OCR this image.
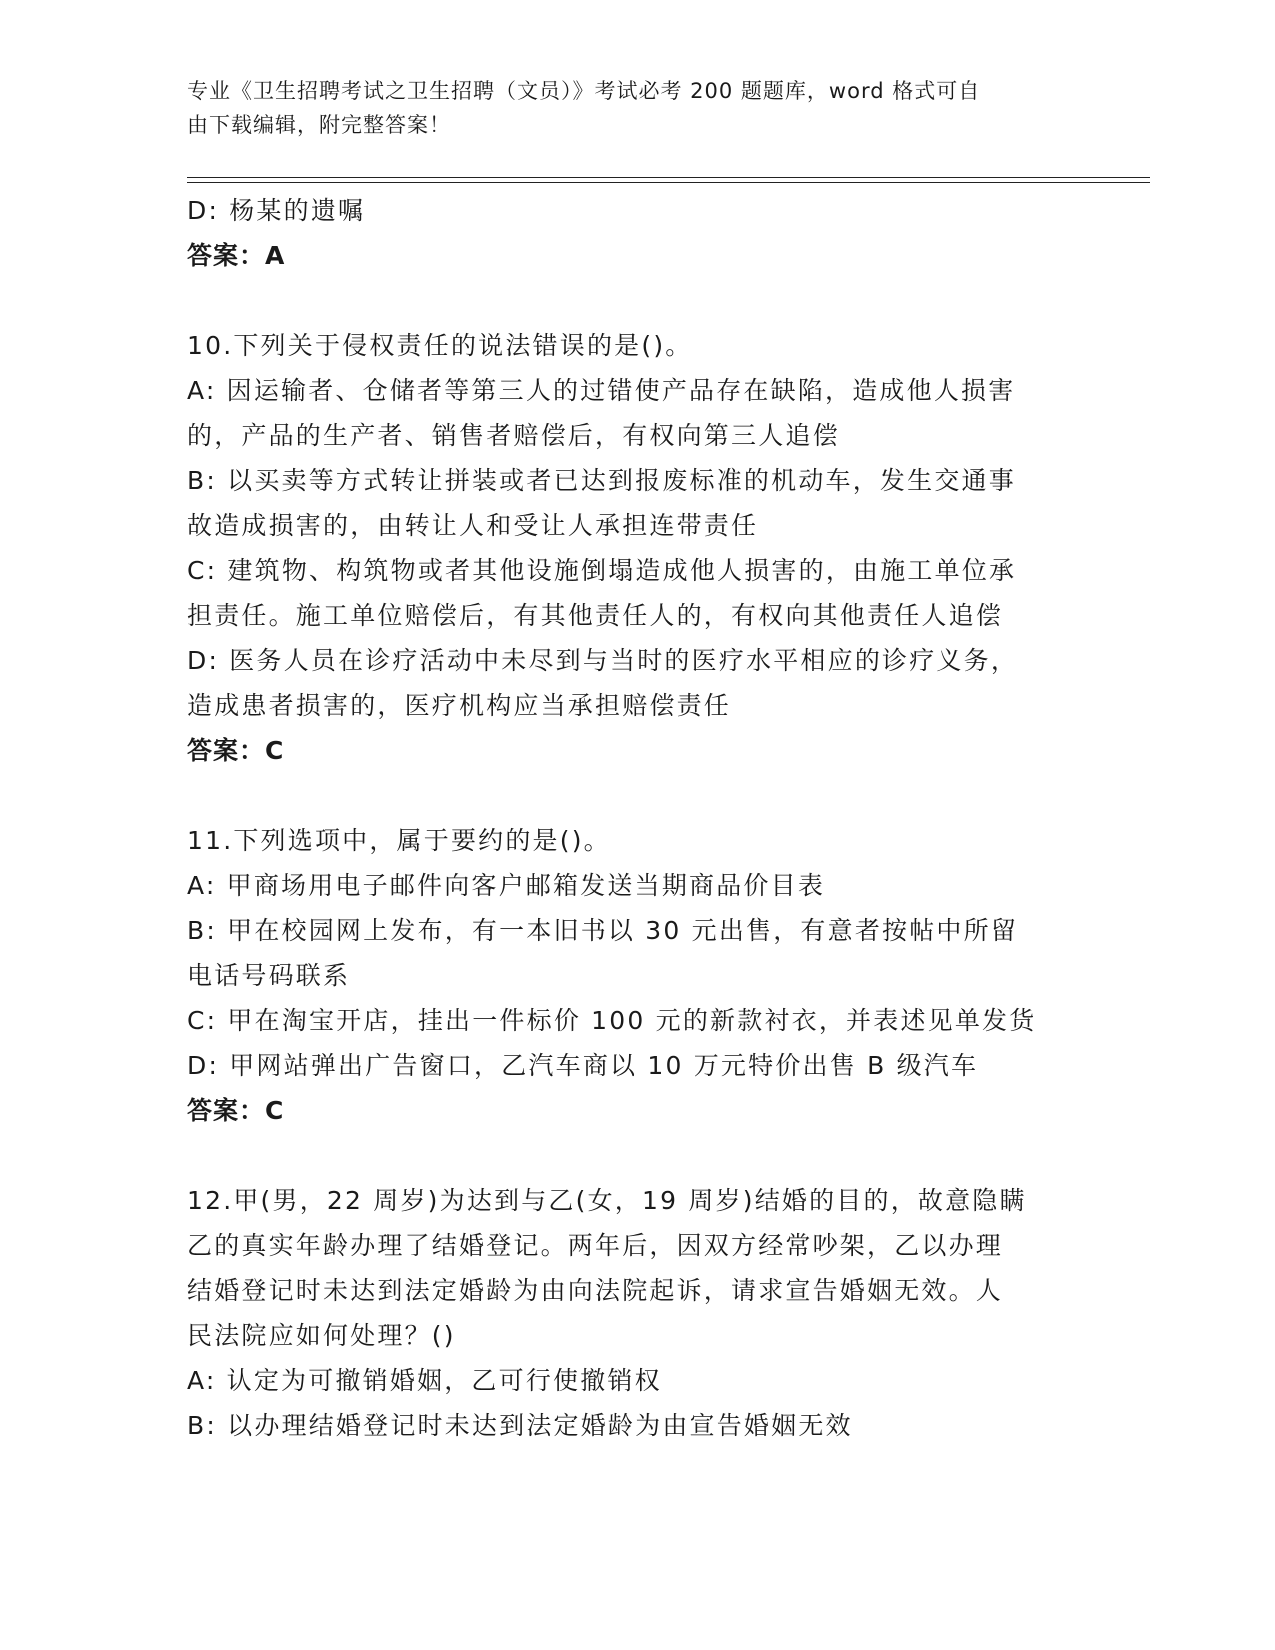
专业《卫生招聘考试之卫生招聘（文员）》考试必考 200 题题库，word 格式可自
由下载编辑，附完整答案！
D: 杨某的遗嘱
答案：A
10.下列关于侵权责任的说法错误的是()。
A: 因运输者、仓储者等第三人的过错使产品存在缺陷，造成他人损害
的，产品的生产者、销售者赔偿后，有权向第三人追偿
B: 以买卖等方式转让拼装或者已达到报废标准的机动车，发生交通事
故造成损害的，由转让人和受让人承担连带责任
C: 建筑物、构筑物或者其他设施倒塌造成他人损害的，由施工单位承
担责任。施工单位赔偿后，有其他责任人的，有权向其他责任人追偿
D: 医务人员在诊疗活动中未尽到与当时的医疗水平相应的诊疗义务，
造成患者损害的，医疗机构应当承担赔偿责任
答案：C
11.下列选项中，属于要约的是()。
A: 甲商场用电子邮件向客户邮箱发送当期商品价目表
B: 甲在校园网上发布，有一本旧书以 30 元出售，有意者按帖中所留
电话号码联系
C: 甲在淘宝开店，挂出一件标价 100 元的新款衬衣，并表述见单发货
D: 甲网站弹出广告窗口，乙汽车商以 10 万元特价出售 B 级汽车
答案：C
12.甲(男，22 周岁)为达到与乙(女，19 周岁)结婚的目的，故意隐瞒
乙的真实年龄办理了结婚登记。两年后，因双方经常吵架，乙以办理
结婚登记时未达到法定婚龄为由向法院起诉，请求宣告婚姻无效。人
民法院应如何处理？()
A: 认定为可撤销婚姻，乙可行使撤销权
B: 以办理结婚登记时未达到法定婚龄为由宣告婚姻无效
